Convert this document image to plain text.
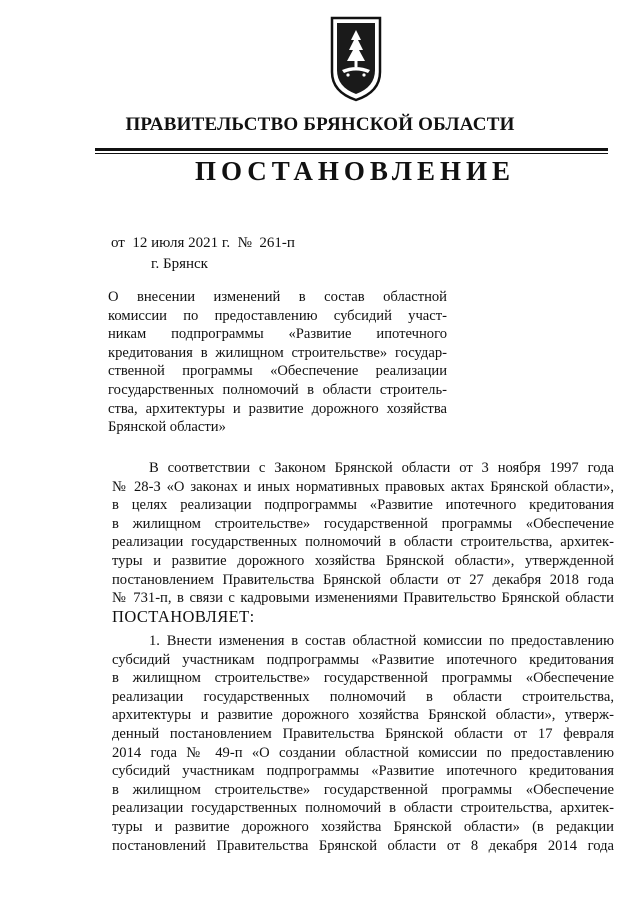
ПРАВИТЕЛЬСТВО БРЯНСКОЙ ОБЛАСТИ
ПОСТАНОВЛЕНИЕ
от  12 июля 2021 г.  №  261-п
г. Брянск
О    внесении    изменений    в    состав    областной
комиссии по предоставлению субсидий участ-
никам подпрограммы «Развитие ипотечного
кредитования в жилищном строительстве» государ-
ственной программы «Обеспечение реализации
государственных полномочий в области строитель-
ства, архитектуры и развитие дорожного хозяйства
Брянской области»
В соответствии с Законом Брянской области от 3 ноября 1997 года
№ 28-З «О законах и иных нормативных правовых актах Брянской области»,
в целях реализации подпрограммы «Развитие ипотечного кредитования
в жилищном строительстве» государственной программы «Обеспечение
реализации государственных полномочий в области строительства, архитек-
туры и развитие дорожного хозяйства Брянской области», утвержденной
постановлением Правительства Брянской области от 27 декабря 2018 года
№ 731-п, в связи с кадровыми изменениями Правительство Брянской области
ПОСТАНОВЛЯЕТ:
1. Внести изменения в состав областной комиссии по предоставлению
субсидий участникам подпрограммы «Развитие ипотечного кредитования
в жилищном строительстве» государственной программы «Обеспечение
реализации государственных полномочий в области строительства,
архитектуры и развитие дорожного хозяйства Брянской области», утверж-
денный постановлением Правительства Брянской области от 17 февраля
2014 года № 49-п «О создании областной комиссии по предоставлению
субсидий участникам подпрограммы «Развитие ипотечного кредитования
в жилищном строительстве» государственной программы «Обеспечение
реализации государственных полномочий в области строительства, архитек-
туры и развитие дорожного хозяйства Брянской области» (в редакции
постановлений Правительства Брянской области от 8 декабря 2014 года
